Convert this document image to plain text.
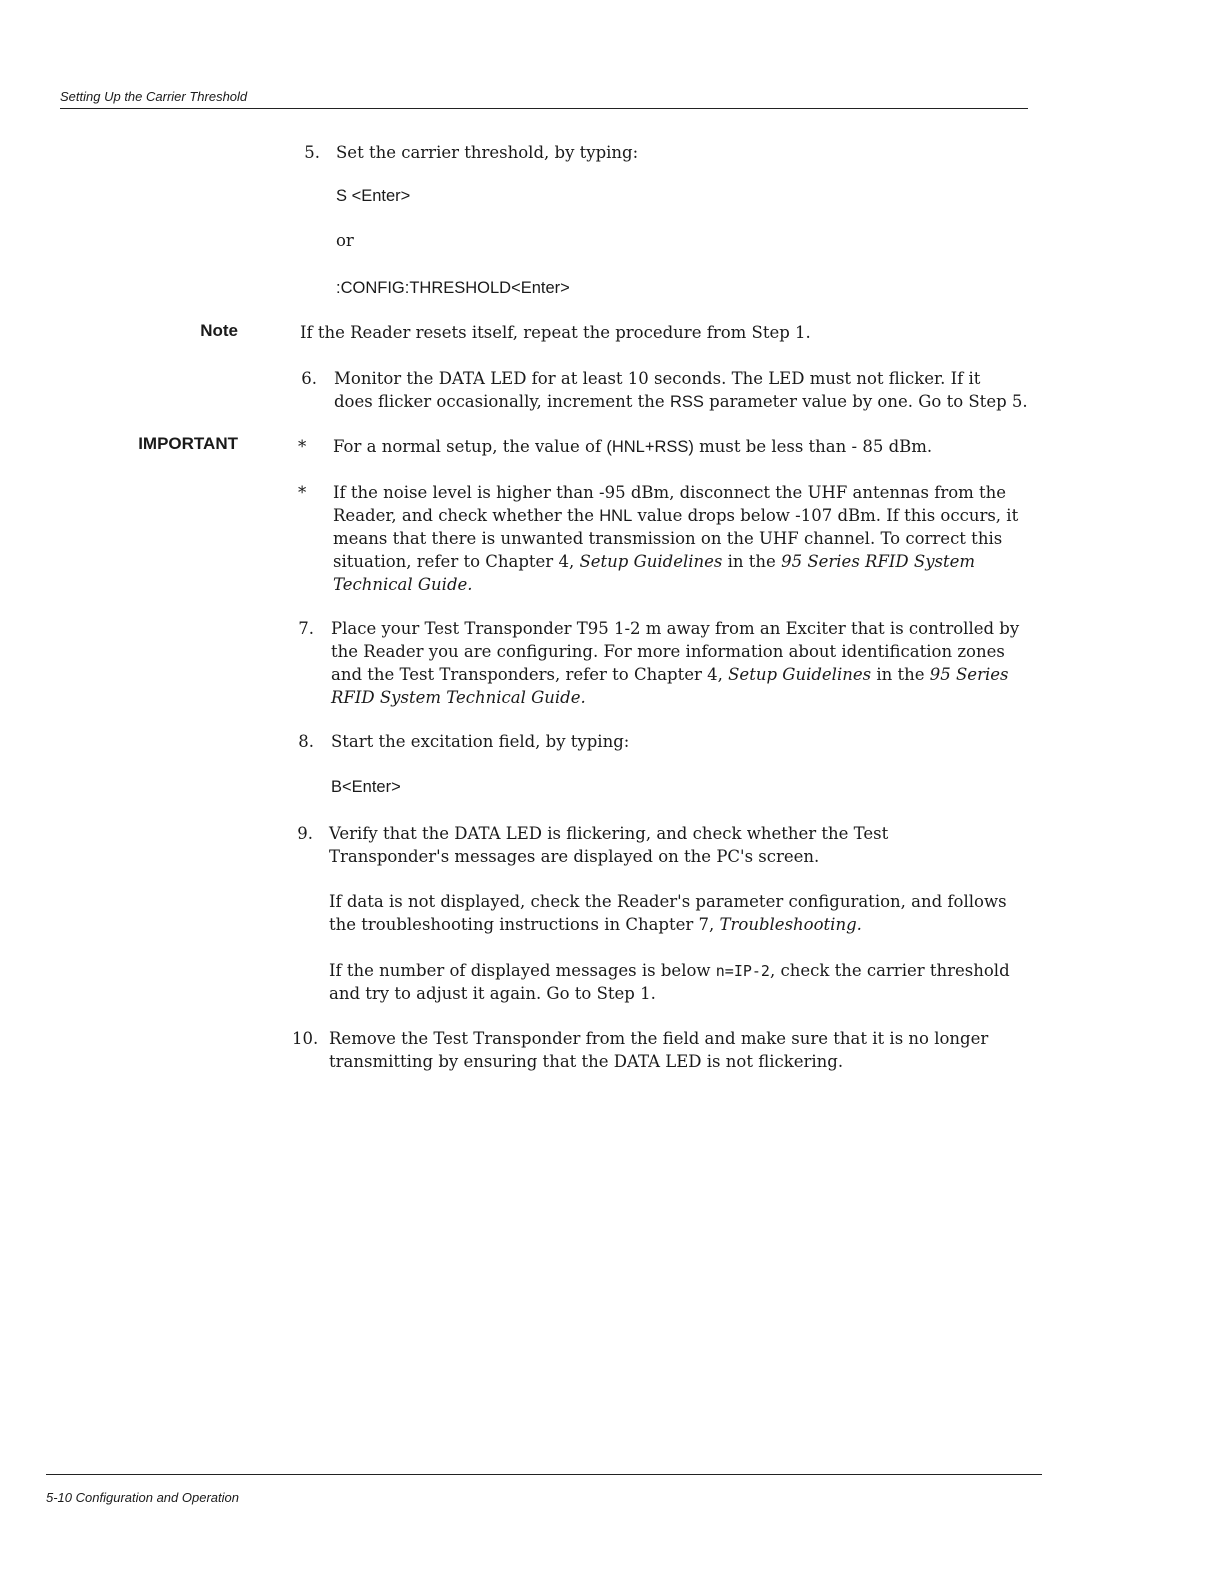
Setting Up the Carrier Threshold
5. Set the carrier threshold, by typing:
S <Enter>
or
:CONFIG:THRESHOLD<Enter>
Note	If the Reader resets itself, repeat the procedure from Step 1.
6. Monitor the DATA LED for at least 10 seconds. The LED must not flicker. If it
does flicker occasionally, increment the RSS parameter value by one. Go to Step 5.
IMPORTANT	* For a normal setup, the value of (HNL+RSS) must be less than - 85 dBm.
* If the noise level is higher than -95 dBm, disconnect the UHF antennas from the
Reader, and check whether the HNL value drops below -107 dBm. If this occurs, it
means that there is unwanted transmission on the UHF channel. To correct this
situation, refer to Chapter 4, Setup Guidelines in the 95 Series RFID System
Technical Guide.
7. Place your Test Transponder T95 1-2 m away from an Exciter that is controlled by
the Reader you are configuring. For more information about identification zones
and the Test Transponders, refer to Chapter 4, Setup Guidelines in the 95 Series
RFID System Technical Guide.
8. Start the excitation field, by typing:
B<Enter>
9. Verify that the DATA LED is flickering, and check whether the Test
Transponder's messages are displayed on the PC's screen.
If data is not displayed, check the Reader's parameter configuration, and follows
the troubleshooting instructions in Chapter 7, Troubleshooting.
If the number of displayed messages is below n=IP-2, check the carrier threshold
and try to adjust it again. Go to Step 1.
10. Remove the Test Transponder from the field and make sure that it is no longer
transmitting by ensuring that the DATA LED is not flickering.
5-10 Configuration and Operation
